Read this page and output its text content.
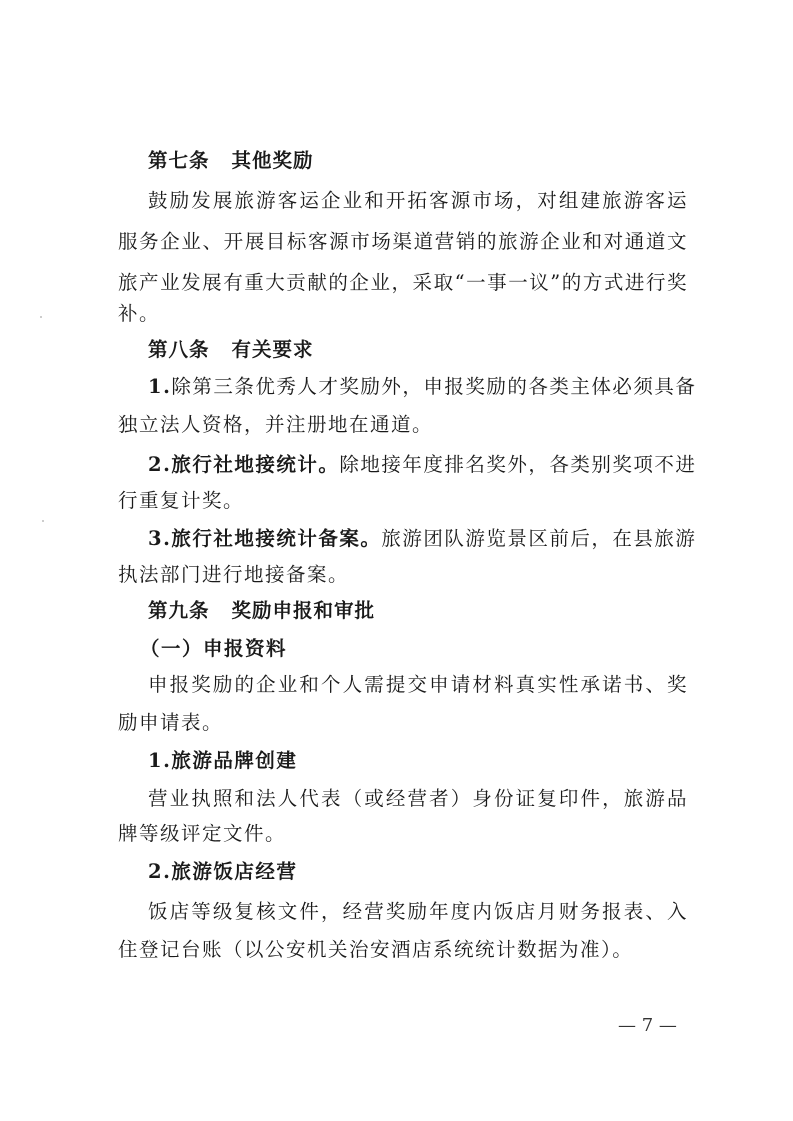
第七条 其他奖励
鼓励发展旅游客运企业和开拓客源市场，对组建旅游客运
服务企业、开展目标客源市场渠道营销的旅游企业和对通道文
旅产业发展有重大贡献的企业，采取“一事一议”的方式进行奖
补。
第八条 有关要求
1.除第三条优秀人才奖励外，申报奖励的各类主体必须具备
独立法人资格，并注册地在通道。
2.旅行社地接统计。除地接年度排名奖外，各类别奖项不进
行重复计奖。
3.旅行社地接统计备案。旅游团队游览景区前后，在县旅游
执法部门进行地接备案。
第九条 奖励申报和审批
（一）申报资料
申报奖励的企业和个人需提交申请材料真实性承诺书、奖
励申请表。
1.旅游品牌创建
营业执照和法人代表（或经营者）身份证复印件，旅游品
牌等级评定文件。
2.旅游饭店经营
饭店等级复核文件，经营奖励年度内饭店月财务报表、入
住登记台账（以公安机关治安酒店系统统计数据为准）。
— 7 —
